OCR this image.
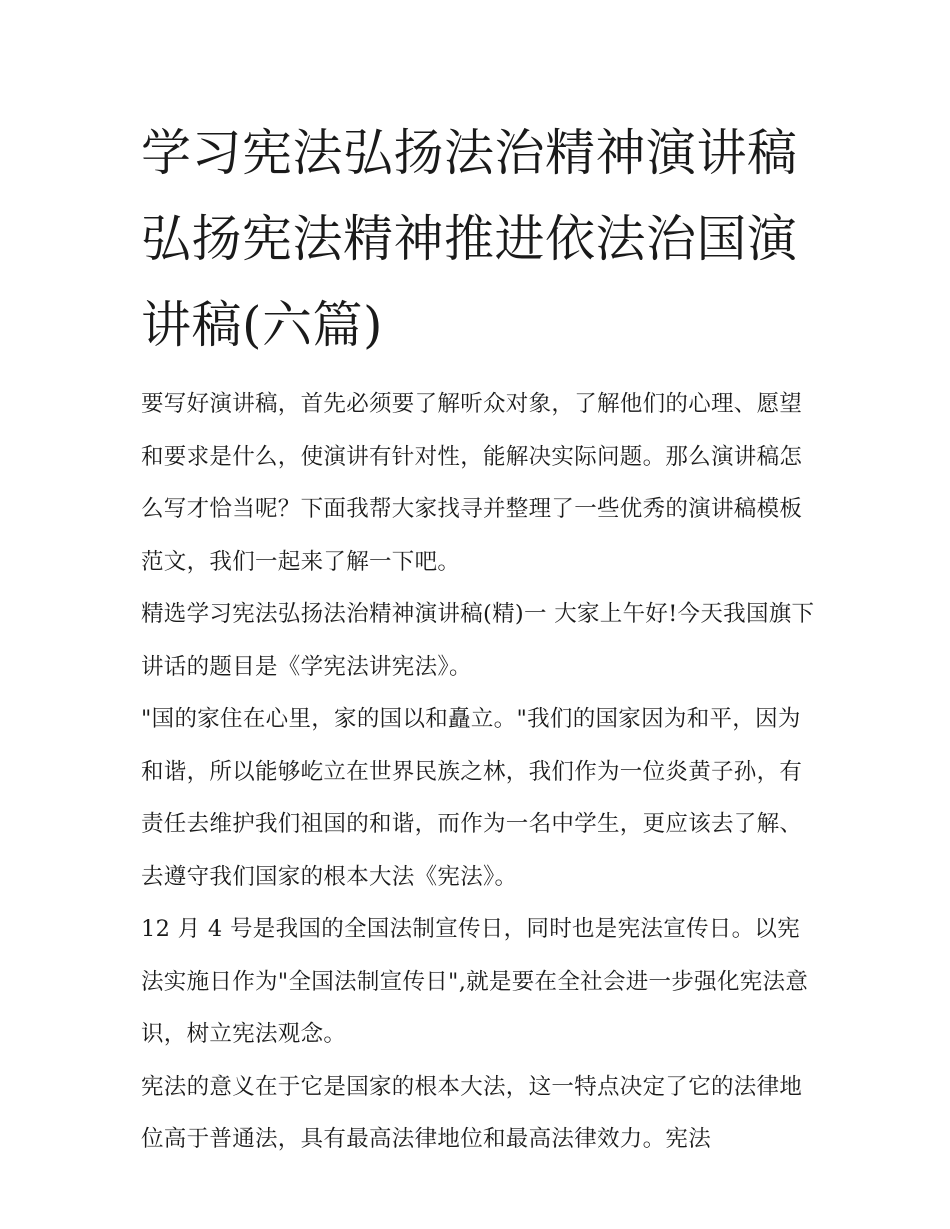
学习宪法弘扬法治精神演讲稿弘扬宪法精神推进依法治国演讲稿(六篇)

要写好演讲稿，首先必须要了解听众对象，了解他们的心理、愿望和要求是什么，使演讲有针对性，能解决实际问题。那么演讲稿怎么写才恰当呢？下面我帮大家找寻并整理了一些优秀的演讲稿模板范文，我们一起来了解一下吧。

精选学习宪法弘扬法治精神演讲稿(精)一 大家上午好!今天我国旗下讲话的题目是《学宪法讲宪法》。

"国的家住在心里，家的国以和矗立。"我们的国家因为和平，因为和谐，所以能够屹立在世界民族之林，我们作为一位炎黄子孙，有责任去维护我们祖国的和谐，而作为一名中学生，更应该去了解、去遵守我们国家的根本大法《宪法》。

12 月 4 号是我国的全国法制宣传日，同时也是宪法宣传日。以宪法实施日作为"全国法制宣传日",就是要在全社会进一步强化宪法意识，树立宪法观念。

宪法的意义在于它是国家的根本大法，这一特点决定了它的法律地位高于普通法，具有最高法律地位和最高法律效力。宪法
